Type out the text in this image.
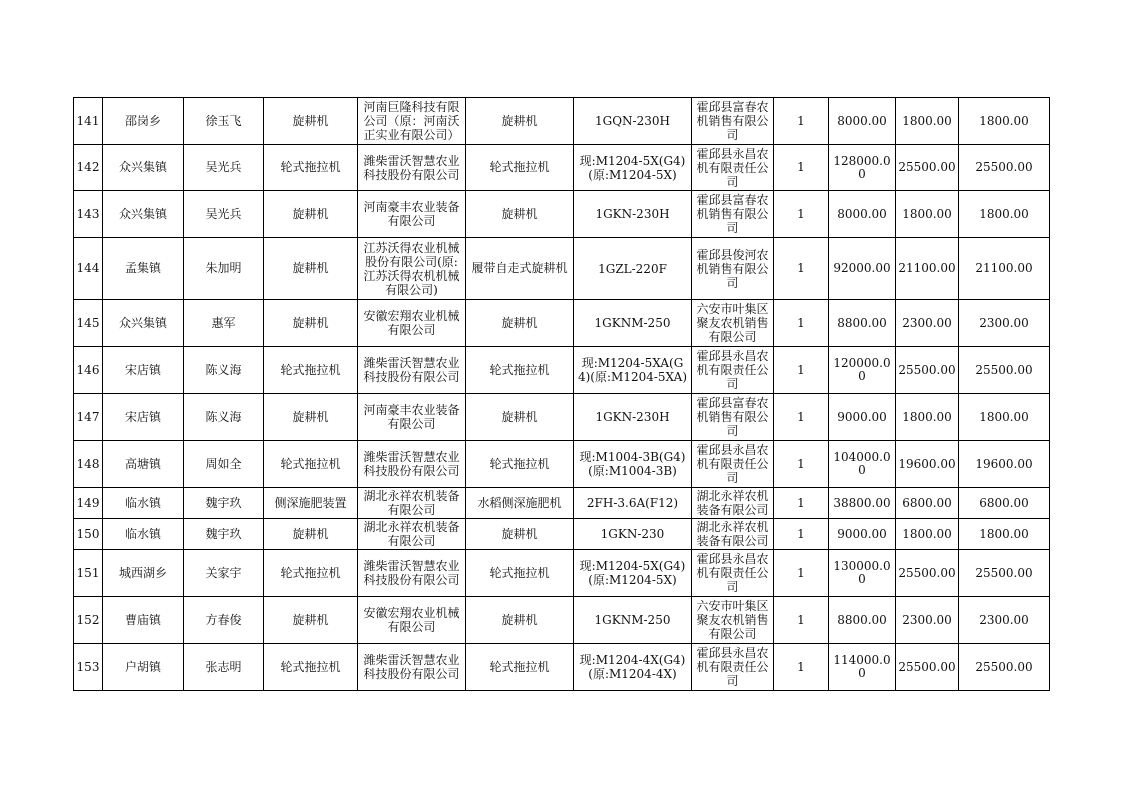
141	邵岗乡	徐玉飞	旋耕机	河南巨隆科技有限公司（原：河南沃正实业有限公司）	旋耕机	1GQN-230H	霍邱县富春农机销售有限公司	1	8000.00	1800.00	1800.00
142	众兴集镇	吴光兵	轮式拖拉机	潍柴雷沃智慧农业科技股份有限公司	轮式拖拉机	现:M1204-5X(G4)(原:M1204-5X)	霍邱县永昌农机有限责任公司	1	128000.00	25500.00	25500.00
143	众兴集镇	吴光兵	旋耕机	河南豪丰农业装备有限公司	旋耕机	1GKN-230H	霍邱县富春农机销售有限公司	1	8000.00	1800.00	1800.00
144	孟集镇	朱加明	旋耕机	江苏沃得农业机械股份有限公司(原:江苏沃得农机机械有限公司)	履带自走式旋耕机	1GZL-220F	霍邱县俊河农机销售有限公司	1	92000.00	21100.00	21100.00
145	众兴集镇	惠军	旋耕机	安徽宏翔农业机械有限公司	旋耕机	1GKNM-250	六安市叶集区聚友农机销售有限公司	1	8800.00	2300.00	2300.00
146	宋店镇	陈义海	轮式拖拉机	潍柴雷沃智慧农业科技股份有限公司	轮式拖拉机	现:M1204-5XA(G4)(原:M1204-5XA)	霍邱县永昌农机有限责任公司	1	120000.00	25500.00	25500.00
147	宋店镇	陈义海	旋耕机	河南豪丰农业装备有限公司	旋耕机	1GKN-230H	霍邱县富春农机销售有限公司	1	9000.00	1800.00	1800.00
148	高塘镇	周如全	轮式拖拉机	潍柴雷沃智慧农业科技股份有限公司	轮式拖拉机	现:M1004-3B(G4)(原:M1004-3B)	霍邱县永昌农机有限责任公司	1	104000.00	19600.00	19600.00
149	临水镇	魏宇玖	侧深施肥装置	湖北永祥农机装备有限公司	水稻侧深施肥机	2FH-3.6A(F12)	湖北永祥农机装备有限公司	1	38800.00	6800.00	6800.00
150	临水镇	魏宇玖	旋耕机	湖北永祥农机装备有限公司	旋耕机	1GKN-230	湖北永祥农机装备有限公司	1	9000.00	1800.00	1800.00
151	城西湖乡	关家宇	轮式拖拉机	潍柴雷沃智慧农业科技股份有限公司	轮式拖拉机	现:M1204-5X(G4)(原:M1204-5X)	霍邱县永昌农机有限责任公司	1	130000.00	25500.00	25500.00
152	曹庙镇	方春俊	旋耕机	安徽宏翔农业机械有限公司	旋耕机	1GKNM-250	六安市叶集区聚友农机销售有限公司	1	8800.00	2300.00	2300.00
153	户胡镇	张志明	轮式拖拉机	潍柴雷沃智慧农业科技股份有限公司	轮式拖拉机	现:M1204-4X(G4)(原:M1204-4X)	霍邱县永昌农机有限责任公司	1	114000.00	25500.00	25500.00
